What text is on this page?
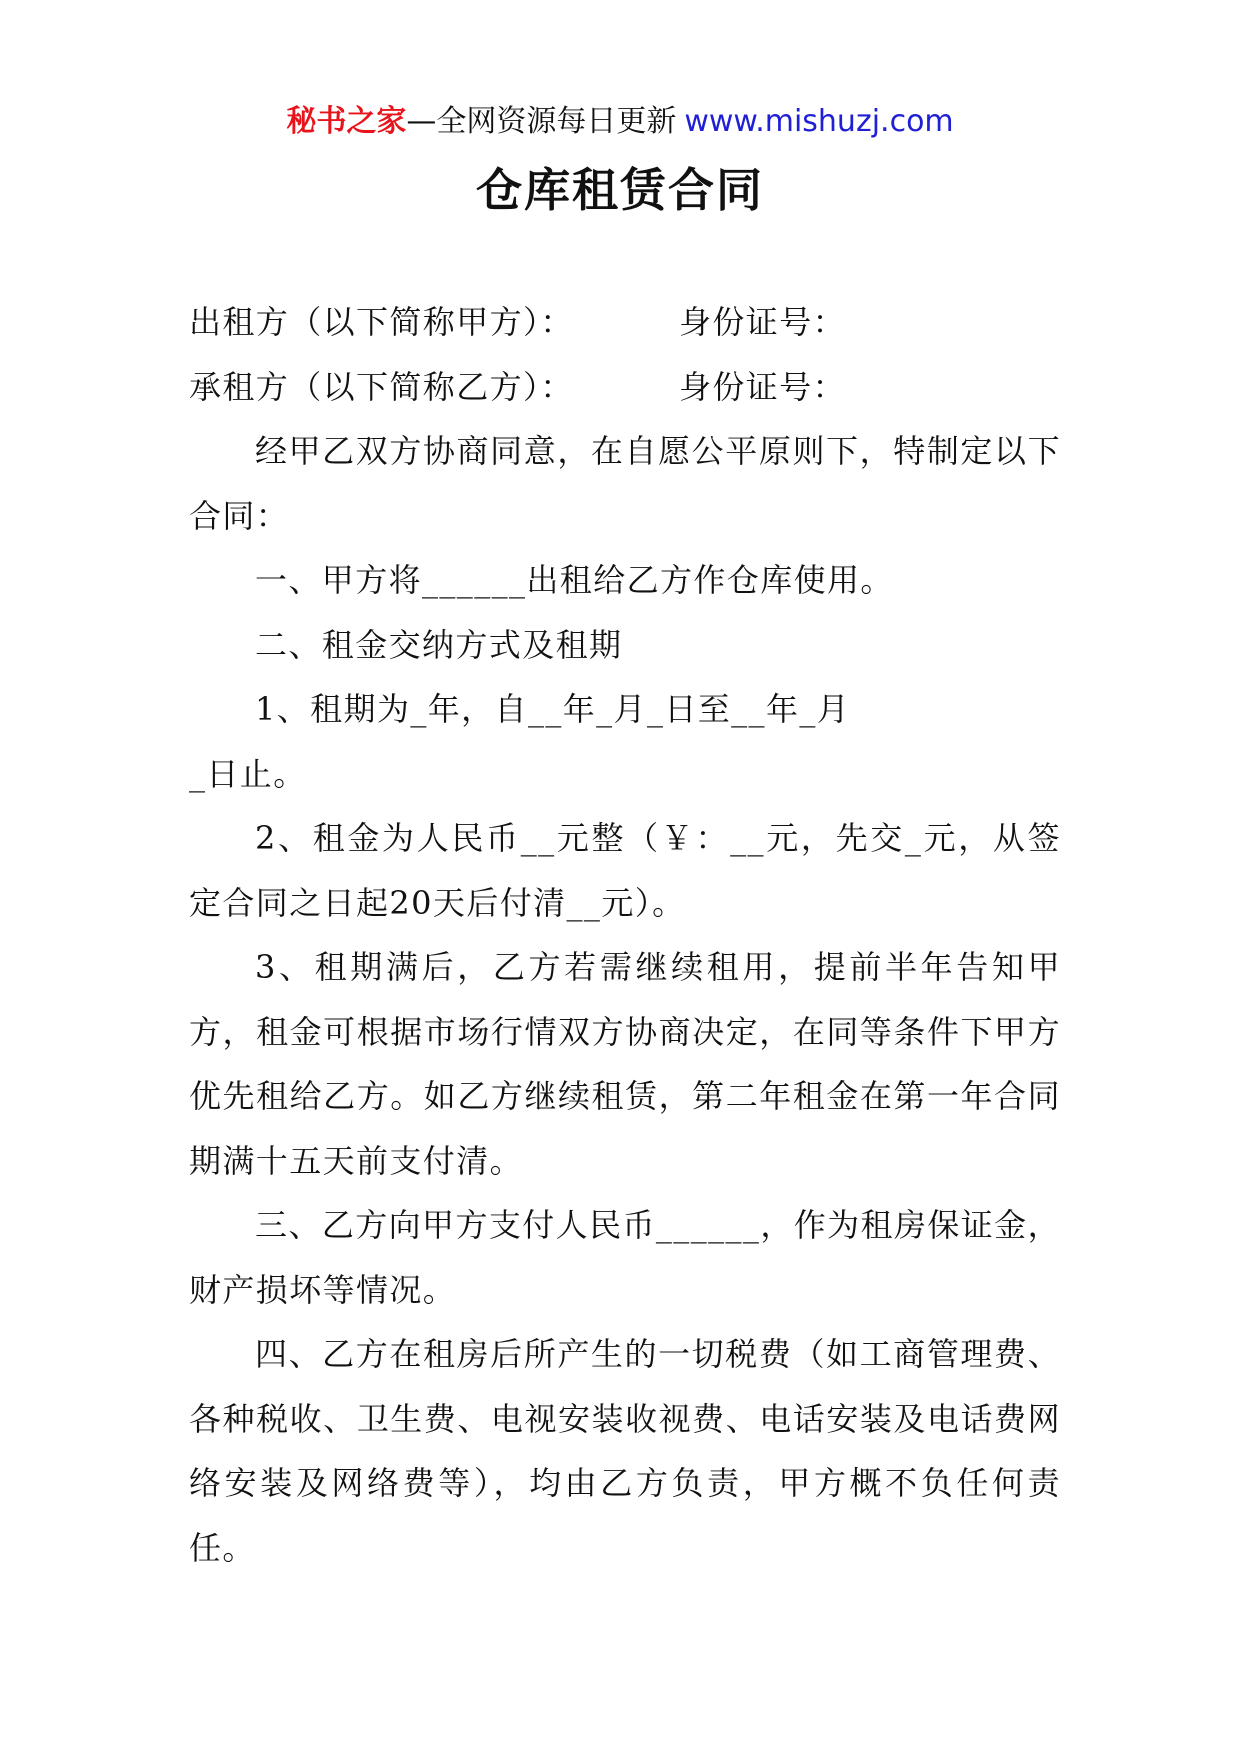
秘书之家—全网资源每日更新 www.mishuzj.com
仓库租赁合同
出租方（以下简称甲方）：	身份证号：
承租方（以下简称乙方）：	身份证号：

经甲乙双方协商同意，在自愿公平原则下，特制定以下合同：

一、甲方将______出租给乙方作仓库使用。

二、租金交纳方式及租期

1、租期为_年，自__年_月_日至__年_月

_日止。

2、租金为人民币__元整（￥：__元，先交_元，从签定合同之日起20天后付清__元）。

3、租期满后，乙方若需继续租用，提前半年告知甲方，租金可根据市场行情双方协商决定，在同等条件下甲方优先租给乙方。如乙方继续租赁，第二年租金在第一年合同期满十五天前支付清。

三、乙方向甲方支付人民币______，作为租房保证金，财产损坏等情况。

四、乙方在租房后所产生的一切税费（如工商管理费、各种税收、卫生费、电视安装收视费、电话安装及电话费网络安装及网络费等），均由乙方负责，甲方概不负任何责任。
